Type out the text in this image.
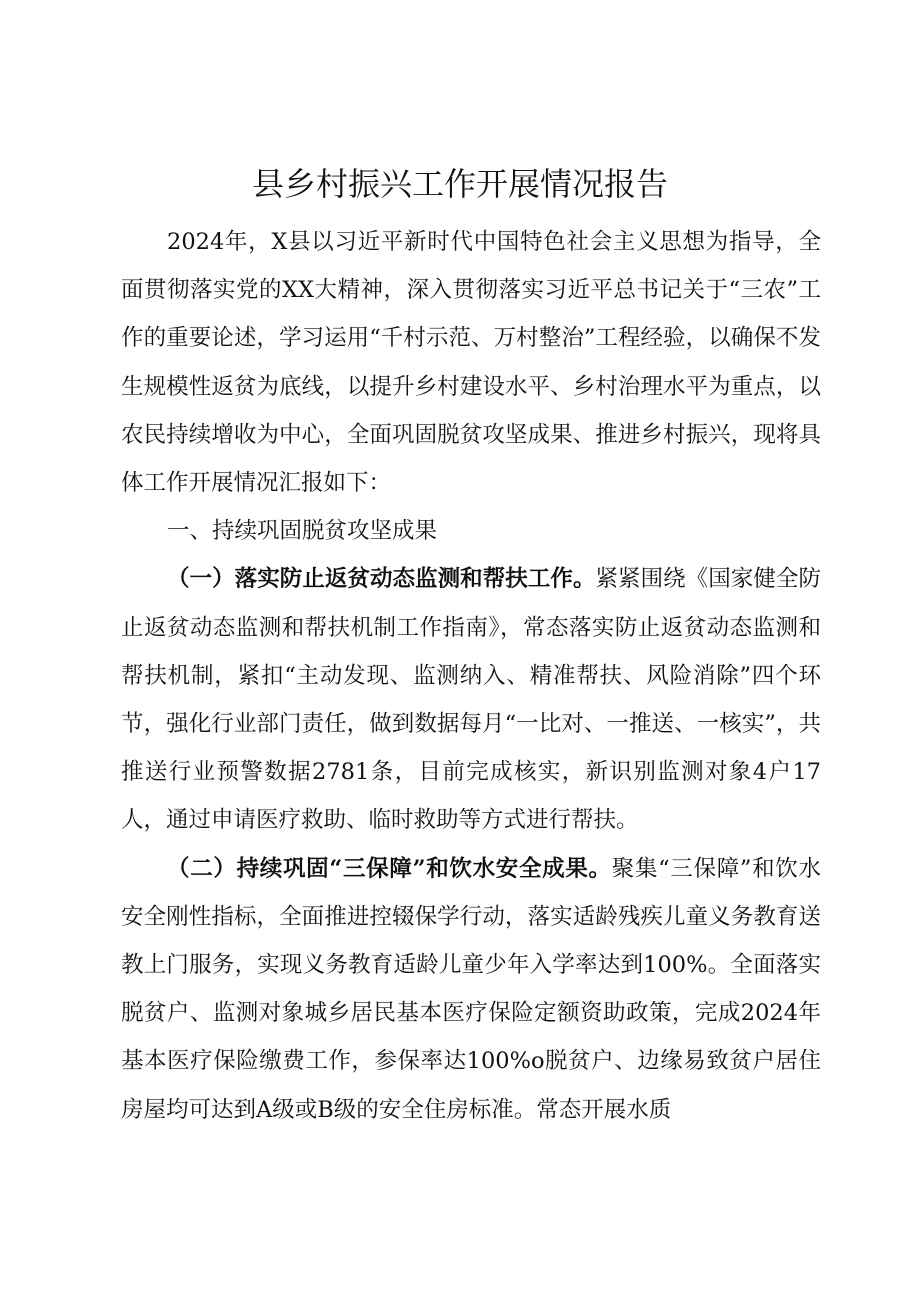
县乡村振兴工作开展情况报告

2024年，X县以习近平新时代中国特色社会主义思想为指导，全面贯彻落实党的XX大精神，深入贯彻落实习近平总书记关于“三农”工作的重要论述，学习运用“千村示范、万村整治”工程经验，以确保不发生规模性返贫为底线，以提升乡村建设水平、乡村治理水平为重点，以农民持续增收为中心，全面巩固脱贫攻坚成果、推进乡村振兴，现将具体工作开展情况汇报如下：

一、持续巩固脱贫攻坚成果

（一）落实防止返贫动态监测和帮扶工作。紧紧围绕《国家健全防止返贫动态监测和帮扶机制工作指南》，常态落实防止返贫动态监测和帮扶机制，紧扣“主动发现、监测纳入、精准帮扶、风险消除”四个环节，强化行业部门责任，做到数据每月“一比对、一推送、一核实”，共推送行业预警数据2781条，目前完成核实，新识别监测对象4户17人，通过申请医疗救助、临时救助等方式进行帮扶。

（二）持续巩固“三保障”和饮水安全成果。聚集“三保障”和饮水安全刚性指标，全面推进控辍保学行动，落实适龄残疾儿童义务教育送教上门服务，实现义务教育适龄儿童少年入学率达到100%。全面落实脱贫户、监测对象城乡居民基本医疗保险定额资助政策，完成2024年基本医疗保险缴费工作，参保率达100%o脱贫户、边缘易致贫户居住房屋均可达到A级或B级的安全住房标准。常态开展水质
